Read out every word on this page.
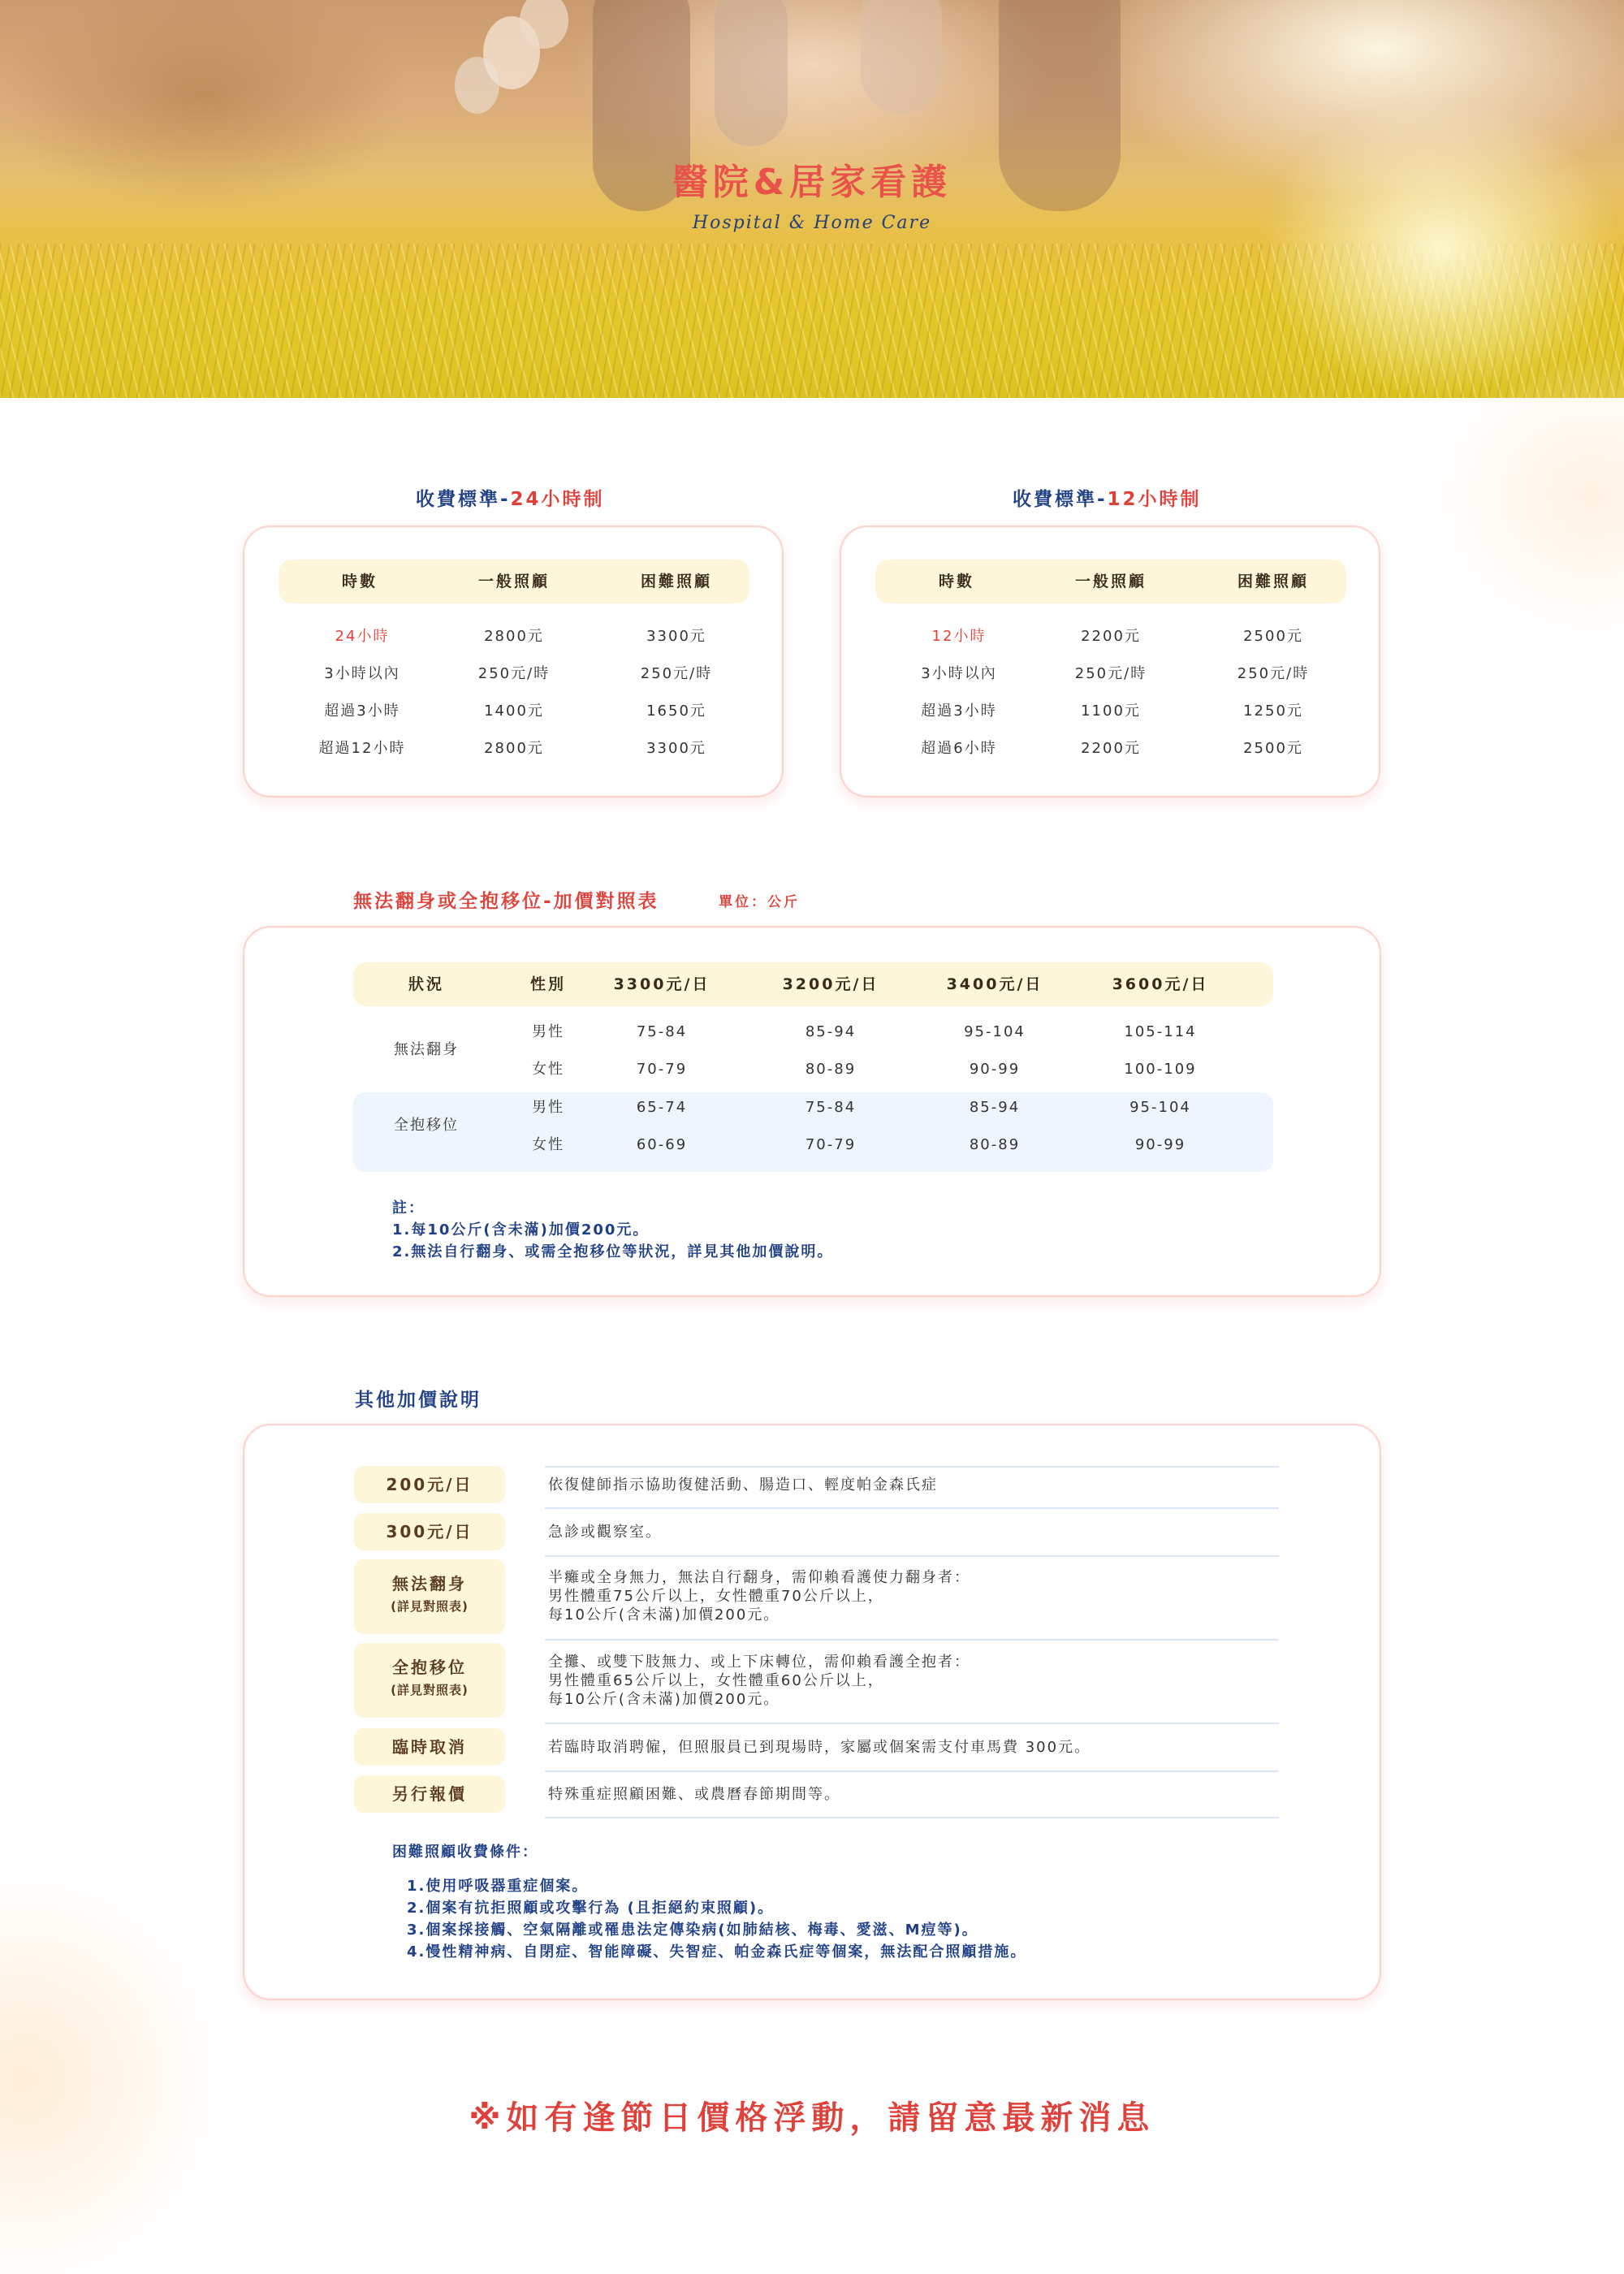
醫院&居家看護
Hospital & Home Care
收費標準-24小時制
時數	一般照顧	困難照顧
24小時	2800元	3300元
3小時以內	250元/時	250元/時
超過3小時	1400元	1650元
超過12小時	2800元	3300元
收費標準-12小時制
時數	一般照顧	困難照顧
12小時	2200元	2500元
3小時以內	250元/時	250元/時
超過3小時	1100元	1250元
超過6小時	2200元	2500元
無法翻身或全抱移位-加價對照表	單位：公斤
狀況	性別	3300元/日	3200元/日	3400元/日	3600元/日
無法翻身
男性	75-84	85-94	95-104	105-114
女性	70-79	80-89	90-99	100-109
全抱移位
男性	65-74	75-84	85-94	95-104
女性	60-69	70-79	80-89	90-99
註：
1.每10公斤(含未滿)加價200元。
2.無法自行翻身、或需全抱移位等狀況，詳見其他加價說明。
其他加價說明
200元/日	依復健師指示協助復健活動、腸造口、輕度帕金森氏症
300元/日	急診或觀察室。
無法翻身
(詳見對照表)
半癱或全身無力，無法自行翻身，需仰賴看護使力翻身者：
男性體重75公斤以上，女性體重70公斤以上，
每10公斤(含未滿)加價200元。
全抱移位
(詳見對照表)
全攤、或雙下肢無力、或上下床轉位，需仰賴看護全抱者：
男性體重65公斤以上，女性體重60公斤以上，
每10公斤(含未滿)加價200元。
臨時取消	若臨時取消聘僱，但照服員已到現場時，家屬或個案需支付車馬費 300元。
另行報價	特殊重症照顧困難、或農曆春節期間等。
困難照顧收費條件：
1.使用呼吸器重症個案。
2.個案有抗拒照顧或攻擊行為 (且拒絕約束照顧)。
3.個案採接觸、空氣隔離或罹患法定傳染病(如肺結核、梅毒、愛滋、M痘等)。
4.慢性精神病、自閉症、智能障礙、失智症、帕金森氏症等個案，無法配合照顧措施。
※如有逢節日價格浮動，請留意最新消息
